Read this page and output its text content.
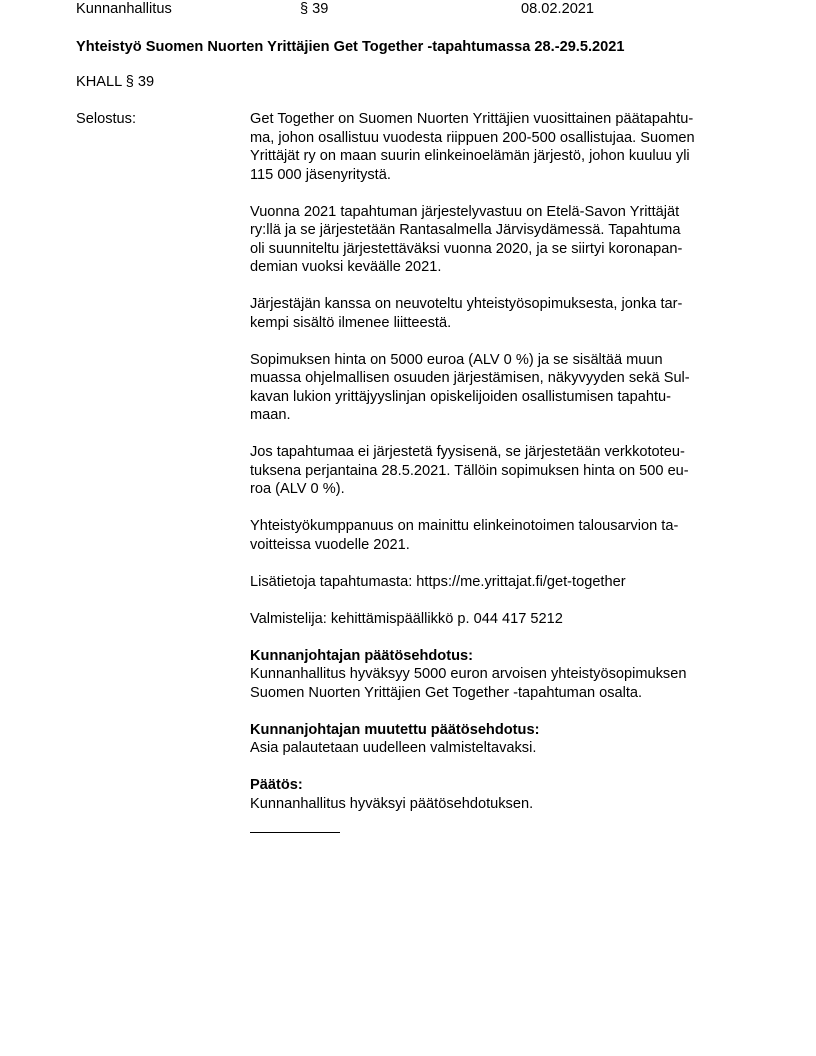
Kunnanhallitus	§ 39	08.02.2021
Yhteistyö Suomen Nuorten Yrittäjien Get Together -tapahtumassa 28.-29.5.2021
KHALL § 39
Selostus:	Get Together on Suomen Nuorten Yrittäjien vuosittainen päätapahtu-
ma, johon osallistuu vuodesta riippuen 200-500 osallistujaa. Suomen
Yrittäjät ry on maan suurin elinkeinoelämän järjestö, johon kuuluu yli
115 000 jäsenyritystä.
Vuonna 2021 tapahtuman järjestelyvastuu on Etelä-Savon Yrittäjät
ry:llä ja se järjestetään Rantasalmella Järvisydämessä. Tapahtuma
oli suunniteltu järjestettäväksi vuonna 2020, ja se siirtyi koronapan-
demian vuoksi keväälle 2021.
Järjestäjän kanssa on neuvoteltu yhteistyösopimuksesta, jonka tar-
kempi sisältö ilmenee liitteestä.
Sopimuksen hinta on 5000 euroa (ALV 0 %) ja se sisältää muun
muassa ohjelmallisen osuuden järjestämisen, näkyvyyden sekä Sul-
kavan lukion yrittäjyyslinjan opiskelijoiden osallistumisen tapahtu-
maan.
Jos tapahtumaa ei järjestetä fyysisenä, se järjestetään verkkototeu-
tuksena perjantaina 28.5.2021. Tällöin sopimuksen hinta on 500 eu-
roa (ALV 0 %).
Yhteistyökumppanuus on mainittu elinkeinotoimen talousarvion ta-
voitteissa vuodelle 2021.
Lisätietoja tapahtumasta: https://me.yrittajat.fi/get-together
Valmistelija: kehittämispäällikkö p. 044 417 5212
Kunnanjohtajan päätösehdotus:
Kunnanhallitus hyväksyy 5000 euron arvoisen yhteistyösopimuksen
Suomen Nuorten Yrittäjien Get Together -tapahtuman osalta.
Kunnanjohtajan muutettu päätösehdotus:
Asia palautetaan uudelleen valmisteltavaksi.
Päätös:
Kunnanhallitus hyväksyi päätösehdotuksen.
